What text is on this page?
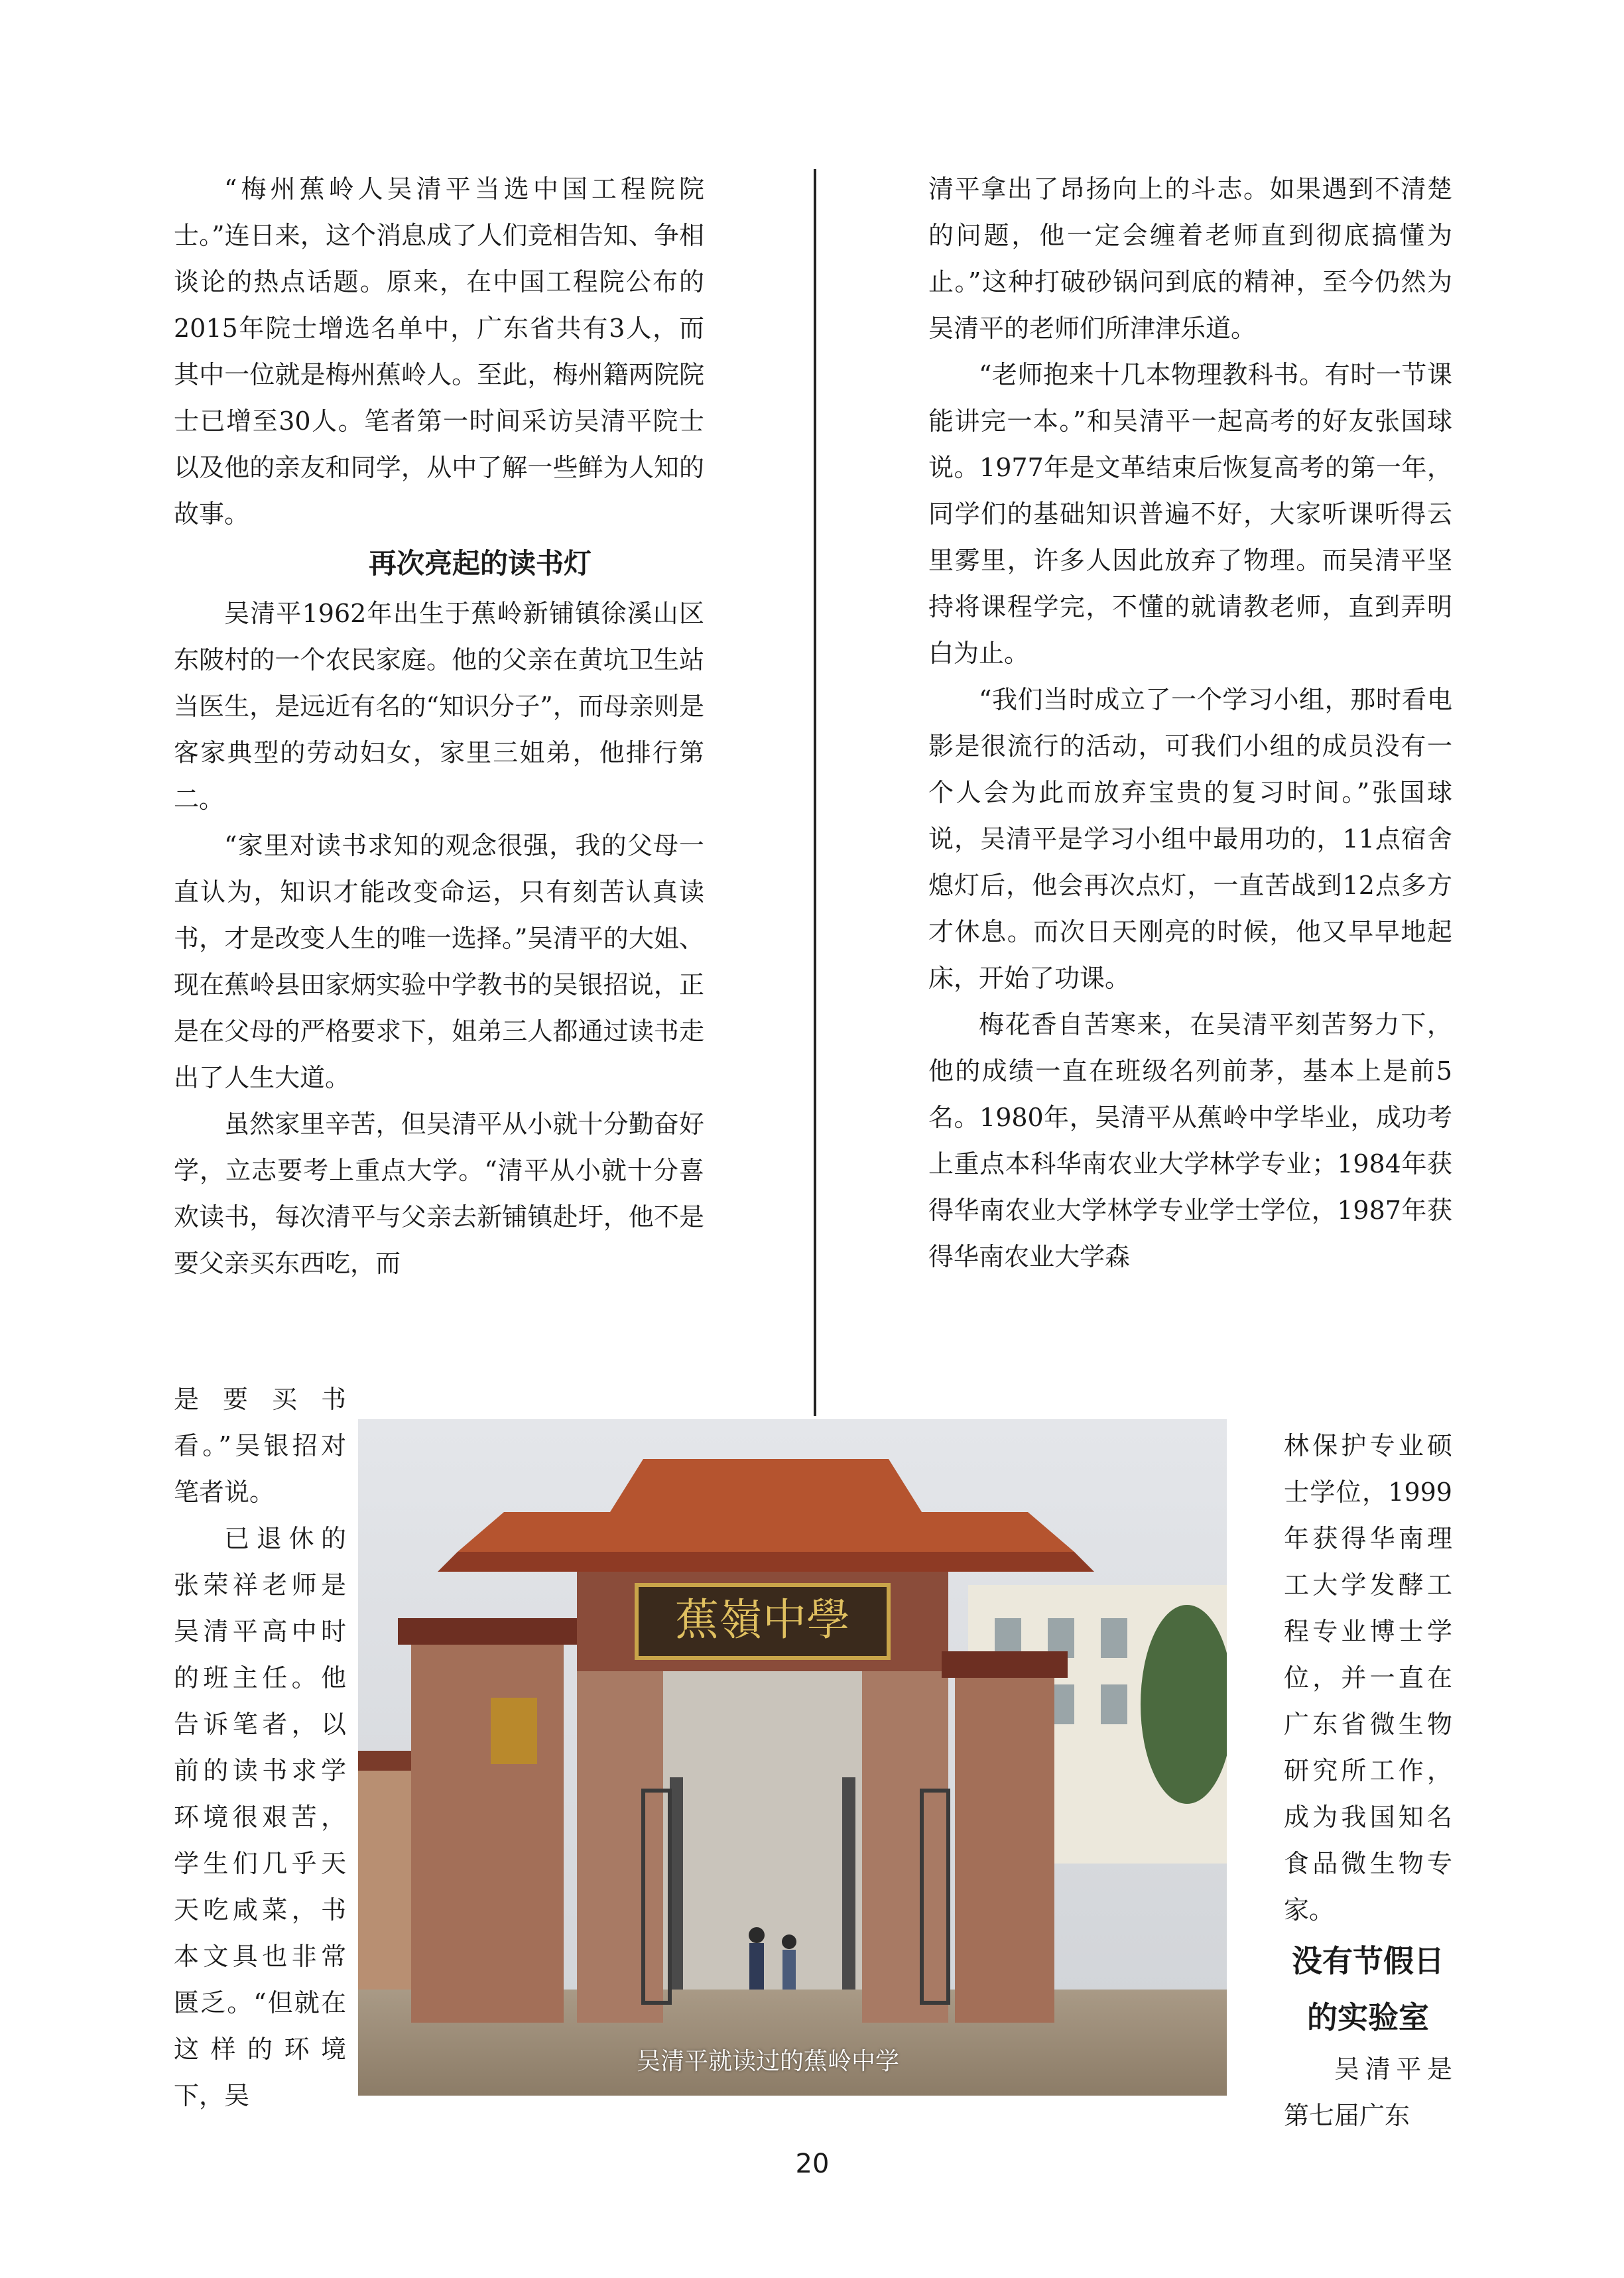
“梅州蕉岭人吴清平当选中国工程院院士。”连日来，这个消息成了人们竞相告知、争相谈论的热点话题。原来，在中国工程院公布的2015年院士增选名单中，广东省共有3人，而其中一位就是梅州蕉岭人。至此，梅州籍两院院士已增至30人。笔者第一时间采访吴清平院士以及他的亲友和同学，从中了解一些鲜为人知的故事。

再次亮起的读书灯

吴清平1962年出生于蕉岭新铺镇徐溪山区东陂村的一个农民家庭。他的父亲在黄坑卫生站当医生，是远近有名的“知识分子”，而母亲则是客家典型的劳动妇女，家里三姐弟，他排行第二。

“家里对读书求知的观念很强，我的父母一直认为，知识才能改变命运，只有刻苦认真读书，才是改变人生的唯一选择。”吴清平的大姐、现在蕉岭县田家炳实验中学教书的吴银招说，正是在父母的严格要求下，姐弟三人都通过读书走出了人生大道。

虽然家里辛苦，但吴清平从小就十分勤奋好学，立志要考上重点大学。“清平从小就十分喜欢读书，每次清平与父亲去新铺镇赴圩，他不是要父亲买东西吃，而

是要买书看。”吴银招对笔者说。

已退休的张荣祥老师是吴清平高中时的班主任。他告诉笔者，以前的读书求学环境很艰苦，学生们几乎天天吃咸菜，书本文具也非常匮乏。“但就在这样的环境下，吴

清平拿出了昂扬向上的斗志。如果遇到不清楚的问题，他一定会缠着老师直到彻底搞懂为止。”这种打破砂锅问到底的精神，至今仍然为吴清平的老师们所津津乐道。

“老师抱来十几本物理教科书。有时一节课能讲完一本。”和吴清平一起高考的好友张国球说。1977年是文革结束后恢复高考的第一年，同学们的基础知识普遍不好，大家听课听得云里雾里，许多人因此放弃了物理。而吴清平坚持将课程学完，不懂的就请教老师，直到弄明白为止。

“我们当时成立了一个学习小组，那时看电影是很流行的活动，可我们小组的成员没有一个人会为此而放弃宝贵的复习时间。”张国球说，吴清平是学习小组中最用功的，11点宿舍熄灯后，他会再次点灯，一直苦战到12点多方才休息。而次日天刚亮的时候，他又早早地起床，开始了功课。

梅花香自苦寒来，在吴清平刻苦努力下，他的成绩一直在班级名列前茅，基本上是前5名。1980年，吴清平从蕉岭中学毕业，成功考上重点本科华南农业大学林学专业；1984年获得华南农业大学林学专业学士学位，1987年获得华南农业大学森

林保护专业硕士学位，1999年获得华南理工大学发酵工程专业博士学位，并一直在广东省微生物研究所工作，成为我国知名食品微生物专家。

没有节假日

的实验室

吴清平是第七届广东

蕉嶺中學
吴清平就读过的蕉岭中学
20
